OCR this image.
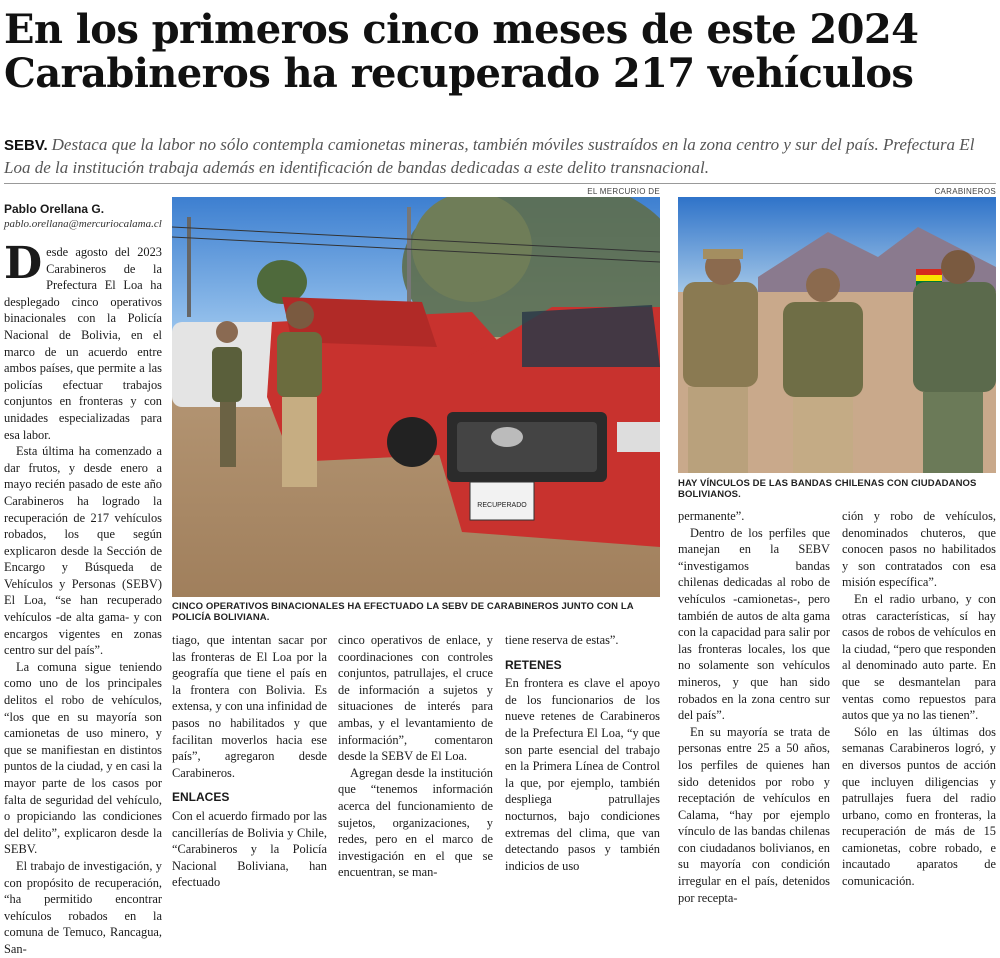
En los primeros cinco meses de este 2024
Carabineros ha recuperado 217 vehículos
SEBV. Destaca que la labor no sólo contempla camionetas mineras, también móviles sustraídos en la zona centro y sur del país. Prefectura El Loa de la institución trabaja además en identificación de bandas dedicadas a este delito transnacional.
Pablo Orellana G.
pablo.orellana@mercuriocalama.cl
EL MERCURIO DE
RECUPERADO
CINCO OPERATIVOS BINACIONALES HA EFECTUADO LA SEBV DE CARABINEROS JUNTO CON LA POLICÍA BOLIVIANA.
CARABINEROS
HAY VÍNCULOS DE LAS BANDAS CHILENAS CON CIUDADANOS BOLIVIANOS.

Desde agosto del 2023 Carabineros de la Prefectura El Loa ha desplegado cinco operativos binacionales con la Policía Nacional de Bolivia, en el marco de un acuerdo entre ambos países, que permite a las policías efectuar trabajos conjuntos en fronteras y con unidades especializadas para esa labor.

Esta última ha comenzado a dar frutos, y desde enero a mayo recién pasado de este año Carabineros ha logrado la recuperación de 217 vehículos robados, los que según explicaron desde la Sección de Encargo y Búsqueda de Vehículos y Personas (SEBV) El Loa, “se han recuperado vehículos -de alta gama- y con encargos vigentes en zonas centro sur del país”.

La comuna sigue teniendo como uno de los principales delitos el robo de vehículos, “los que en su mayoría son camionetas de uso minero, y que se manifiestan en distintos puntos de la ciudad, y en casi la mayor parte de los casos por falta de seguridad del vehículo, o propiciando las condiciones del delito”, explicaron desde la SEBV.

El trabajo de investigación, y con propósito de recuperación, “ha permitido encontrar vehículos robados en la comuna de Temuco, Rancagua, San-

tiago, que intentan sacar por las fronteras de El Loa por la geografía que tiene el país en la frontera con Bolivia. Es extensa, y con una infinidad de pasos no habilitados y que facilitan moverlos hacia ese país”, agregaron desde Carabineros.

ENLACES

Con el acuerdo firmado por las cancillerías de Bolivia y Chile, “Carabineros y la Policía Nacional Boliviana, han efectuado

cinco operativos de enlace, y coordinaciones con controles conjuntos, patrullajes, el cruce de información a sujetos y situaciones de interés para ambas, y el levantamiento de información”, comentaron desde la SEBV de El Loa.

Agregan desde la institución que “tenemos información acerca del funcionamiento de sujetos, organizaciones, y redes, pero en el marco de investigación en el que se encuentran, se man-

tiene reserva de estas”.

RETENES

En frontera es clave el apoyo de los funcionarios de los nueve retenes de Carabineros de la Prefectura El Loa, “y que son parte esencial del trabajo en la Primera Línea de Control la que, por ejemplo, también despliega patrullajes nocturnos, bajo condiciones extremas del clima, que van detectando pasos y también indicios de uso

permanente”.

Dentro de los perfiles que manejan en la SEBV “investigamos bandas chilenas dedicadas al robo de vehículos -camionetas-, pero también de autos de alta gama con la capacidad para salir por las fronteras locales, los que no solamente son vehículos mineros, y que han sido robados en la zona centro sur del país”.

En su mayoría se trata de personas entre 25 a 50 años, los perfiles de quienes han sido detenidos por robo y receptación de vehículos en Calama, “hay por ejemplo vínculo de las bandas chilenas con ciudadanos bolivianos, en su mayoría con condición irregular en el país, detenidos por recepta-

ción y robo de vehículos, denominados chuteros, que conocen pasos no habilitados y son contratados con esa misión específica”.

En el radio urbano, y con otras características, sí hay casos de robos de vehículos en la ciudad, “pero que responden al denominado auto parte. En que se desmantelan para ventas como repuestos para autos que ya no las tienen”.

Sólo en las últimas dos semanas Carabineros logró, y en diversos puntos de acción que incluyen diligencias y patrullajes fuera del radio urbano, como en fronteras, la recuperación de más de 15 camionetas, cobre robado, e incautado aparatos de comunicación.
